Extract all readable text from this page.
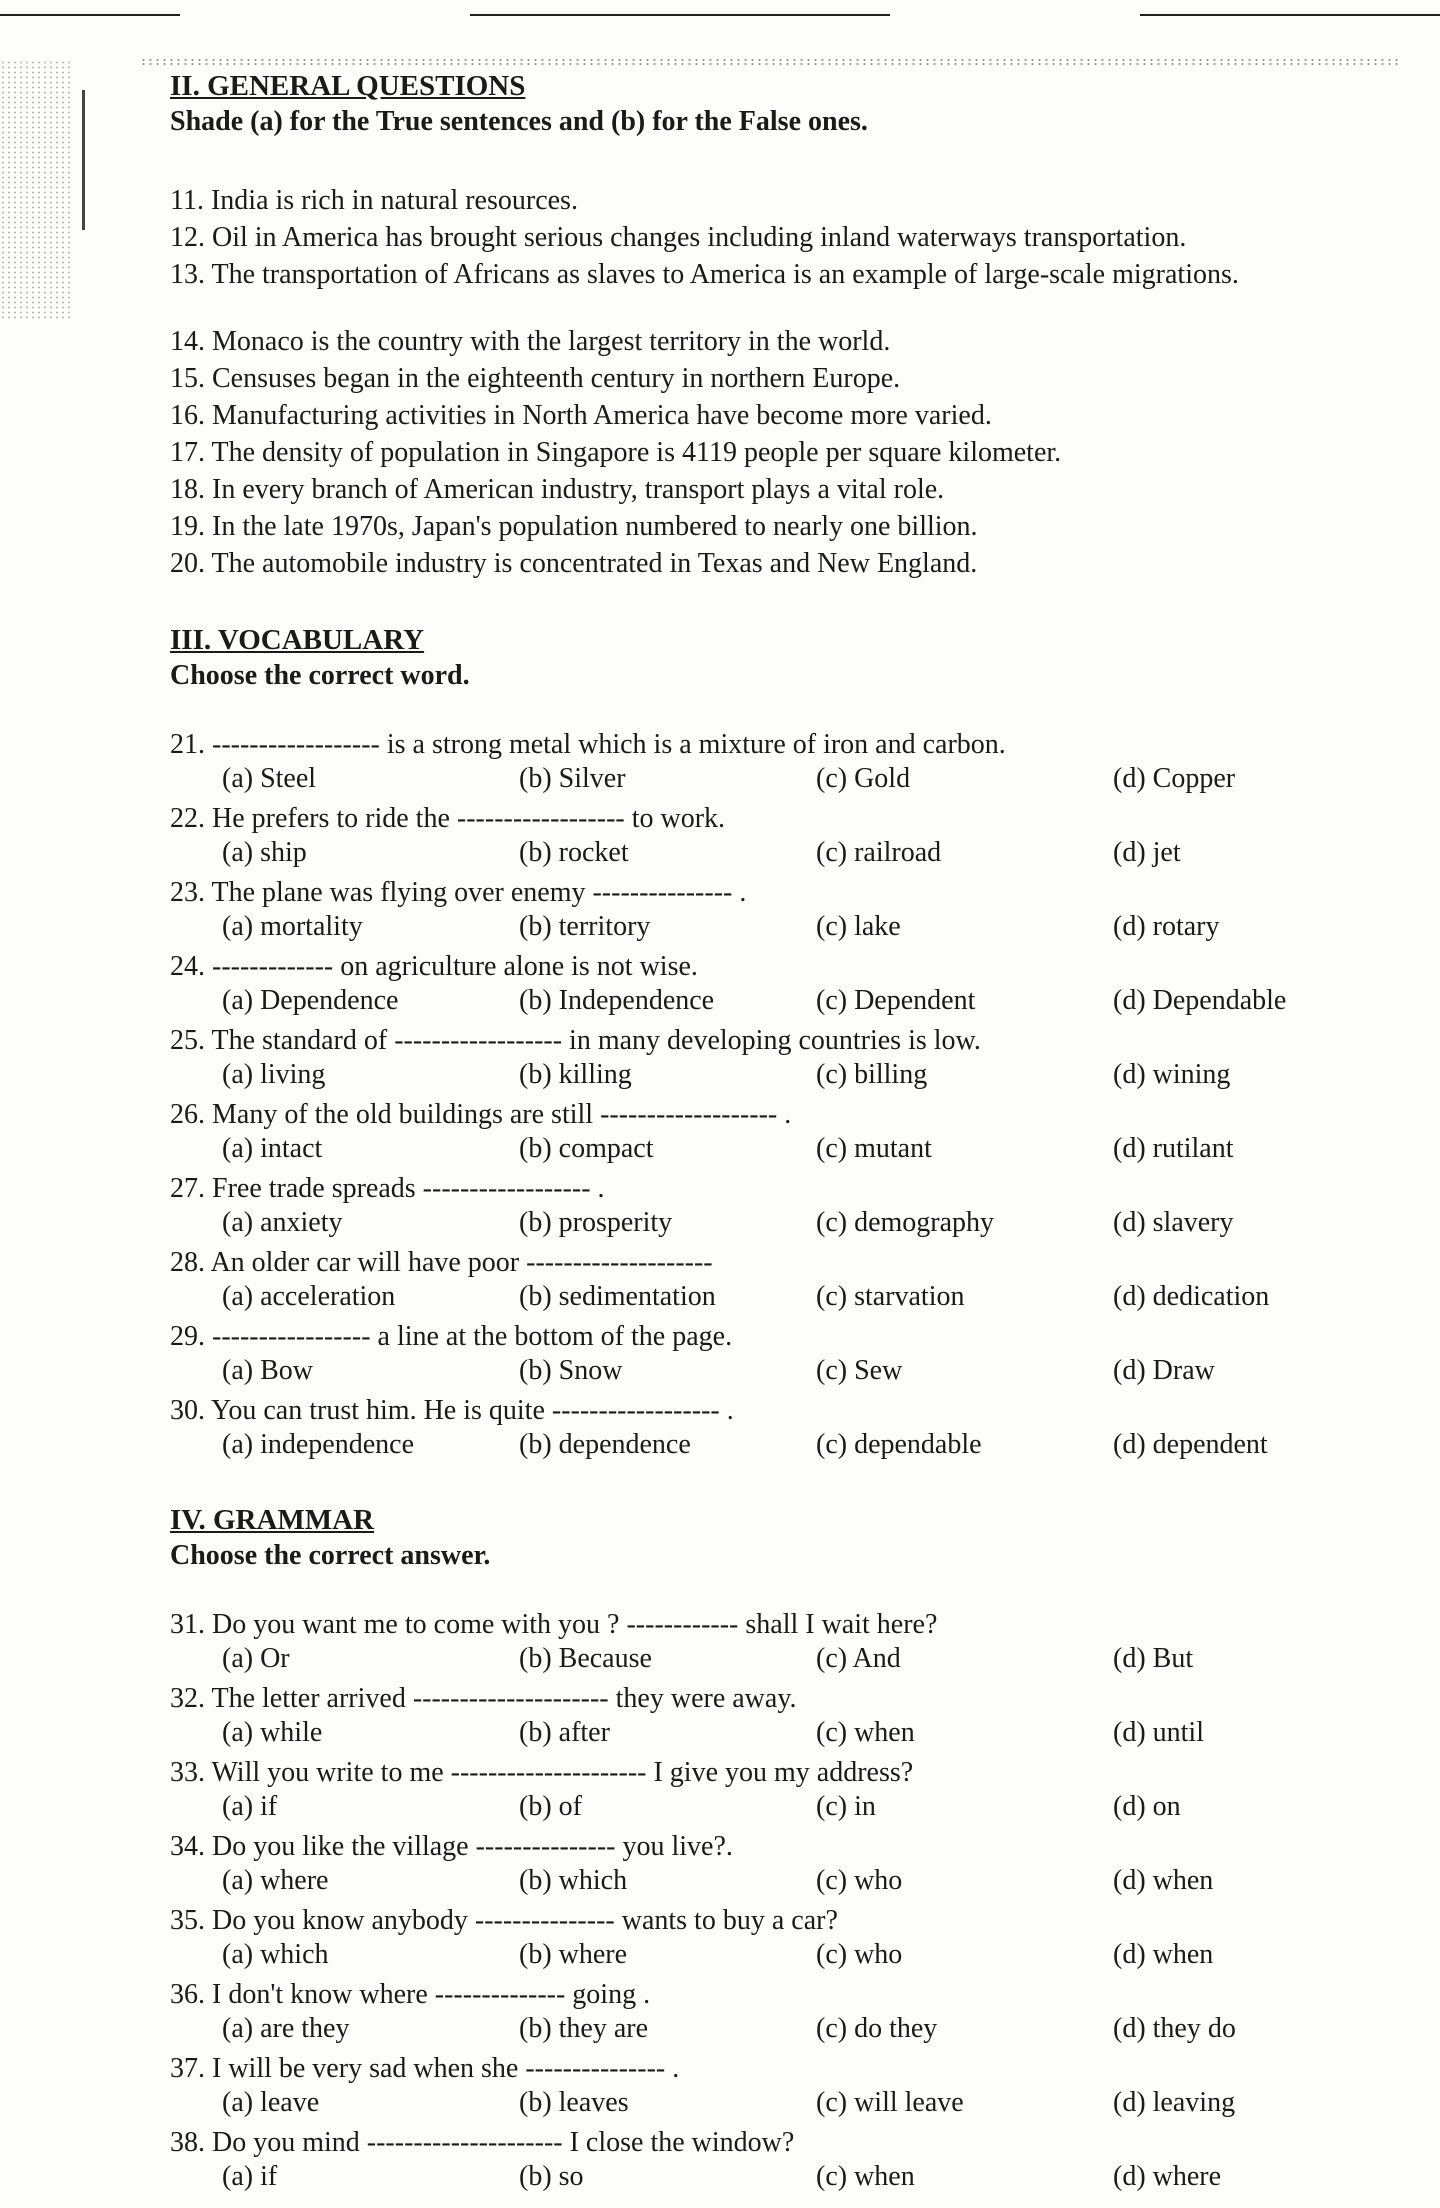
II. GENERAL QUESTIONS
Shade (a) for the True sentences and (b) for the False ones.
11. India is rich in natural resources.
12. Oil in America has brought serious changes including inland waterways transportation.
13. The transportation of Africans as slaves to America is an example of large-scale migrations.
14. Monaco is the country with the largest territory in the world.
15. Censuses began in the eighteenth century in northern Europe.
16. Manufacturing activities in North America have become more varied.
17. The density of population in Singapore is 4119 people per square kilometer.
18. In every branch of American industry, transport plays a vital role.
19. In the late 1970s, Japan's population numbered to nearly one billion.
20. The automobile industry is concentrated in Texas and New England.
III. VOCABULARY
Choose the correct word.
21. ------------------ is a strong metal which is a mixture of iron and carbon.
(a) Steel	(b) Silver	(c) Gold	(d) Copper
22. He prefers to ride the ------------------ to work.
(a) ship	(b) rocket	(c) railroad	(d) jet
23. The plane was flying over enemy --------------- .
(a) mortality	(b) territory	(c) lake	(d) rotary
24. ------------- on agriculture alone is not wise.
(a) Dependence	(b) Independence	(c) Dependent	(d) Dependable
25. The standard of ------------------ in many developing countries is low.
(a) living	(b) killing	(c) billing	(d) wining
26. Many of the old buildings are still ------------------- .
(a) intact	(b) compact	(c) mutant	(d) rutilant
27. Free trade spreads ------------------ .
(a) anxiety	(b) prosperity	(c) demography	(d) slavery
28. An older car will have poor --------------------
(a) acceleration	(b) sedimentation	(c) starvation	(d) dedication
29. ----------------- a line at the bottom of the page.
(a) Bow	(b) Snow	(c) Sew	(d) Draw
30. You can trust him. He is quite ------------------ .
(a) independence	(b) dependence	(c) dependable	(d) dependent
IV. GRAMMAR
Choose the correct answer.
31. Do you want me to come with you ? ------------ shall I wait here?
(a) Or	(b) Because	(c) And	(d) But
32. The letter arrived --------------------- they were away.
(a) while	(b) after	(c) when	(d) until
33. Will you write to me --------------------- I give you my address?
(a) if	(b) of	(c) in	(d) on
34. Do you like the village --------------- you live?.
(a) where	(b) which	(c) who	(d) when
35. Do you know anybody --------------- wants to buy a car?
(a) which	(b) where	(c) who	(d) when
36. I don't know where -------------- going .
(a) are they	(b) they are	(c) do they	(d) they do
37. I will be very sad when she --------------- .
(a) leave	(b) leaves	(c) will leave	(d) leaving
38. Do you mind --------------------- I close the window?
(a) if	(b) so	(c) when	(d) where
